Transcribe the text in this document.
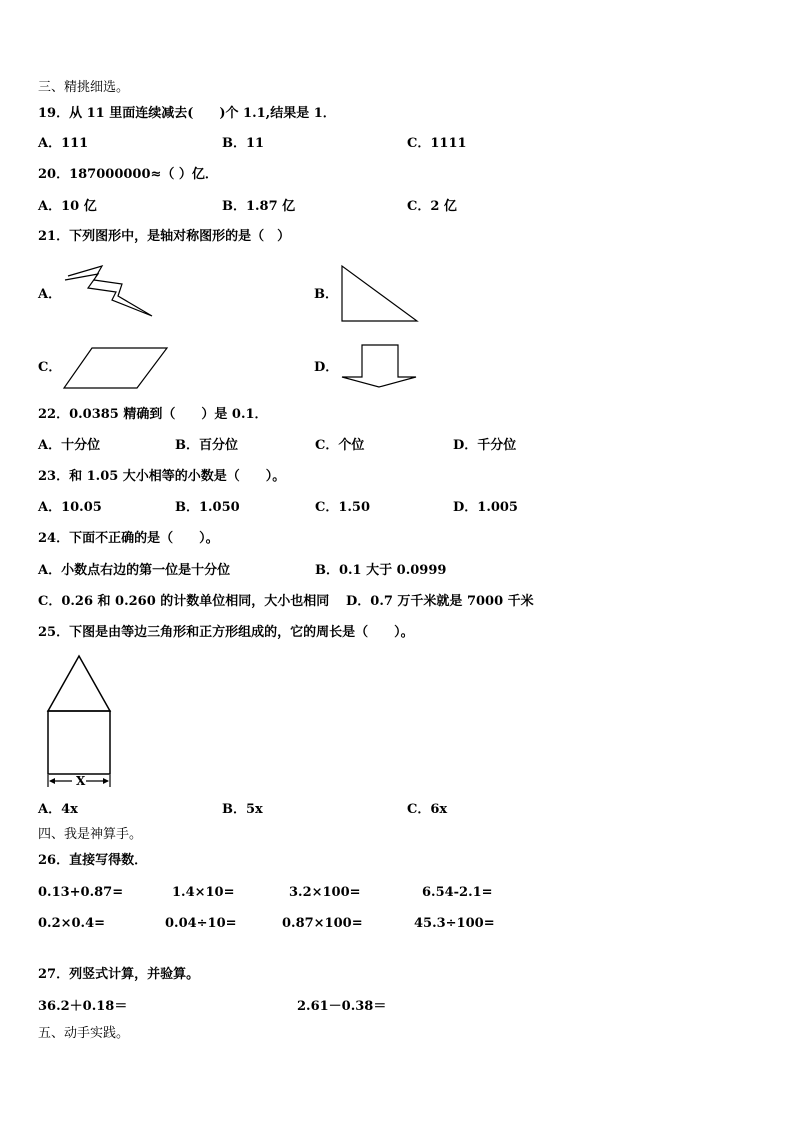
三、精挑细选。
19．从 11 里面连续减去(　　)个 1.1,结果是 1．
A．111	B．11	C．1111
20．187000000≈（ ）亿．
A．10 亿	B．1.87 亿	C．2 亿
21．下列图形中，是轴对称图形的是（　）
A．	B．
C．	D．
22．0.0385 精确到（　　）是 0.1．
A．十分位	B．百分位	C．个位	D．千分位
23．和 1.05 大小相等的小数是（　　）。
A．10.05	B．1.050	C．1.50	D．1.005
24．下面不正确的是（　　）。
A．小数点右边的第一位是十分位	B．0.1 大于 0.0999
C．0.26 和 0.260 的计数单位相同，大小也相同 D．0.7 万千米就是 7000 千米
25．下图是由等边三角形和正方形组成的，它的周长是（　　）。
X
A．4x	B．5x	C．6x
四、我是神算手。
26．直接写得数．
0.13+0.87=	1.4×10=	3.2×100=	6.54-2.1=
0.2×0.4=	0.04÷10=	0.87×100=	45.3÷100=
27．列竖式计算，并验算。
36.2＋0.18＝	2.61－0.38＝
五、动手实践。
